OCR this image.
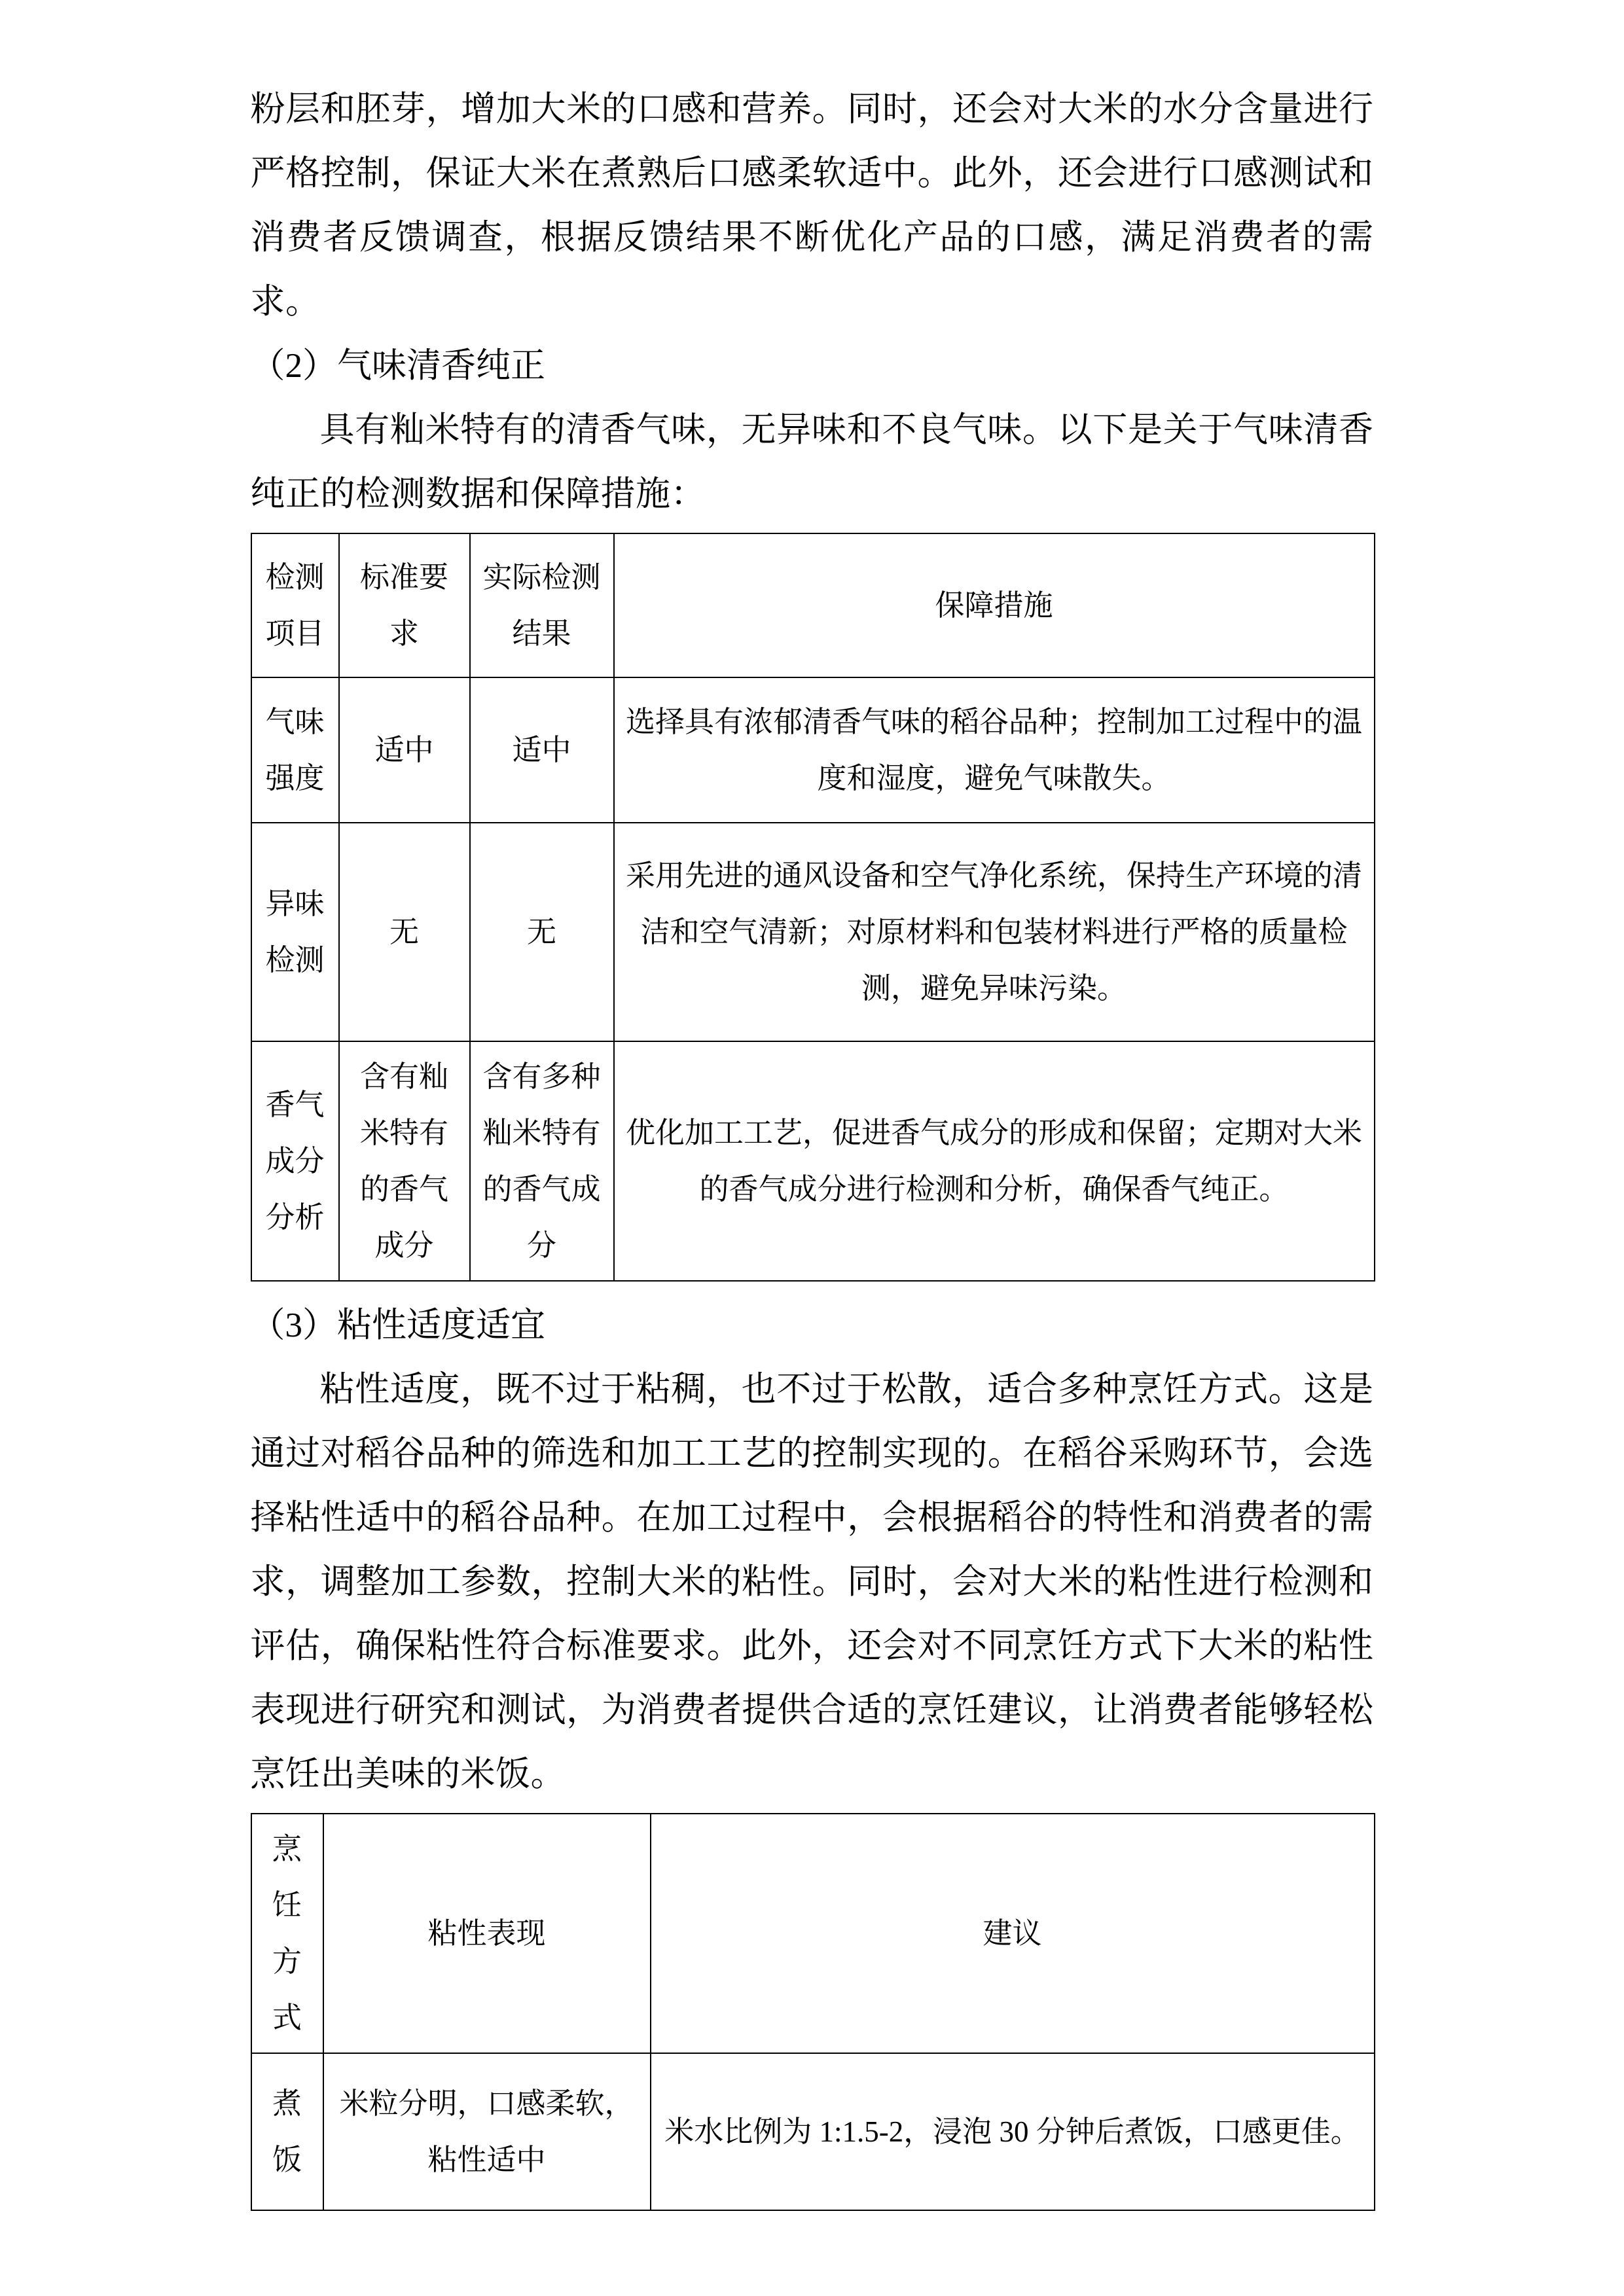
粉层和胚芽，增加大米的口感和营养。同时，还会对大米的水分含量进行严格控制，保证大米在煮熟后口感柔软适中。此外，还会进行口感测试和消费者反馈调查，根据反馈结果不断优化产品的口感，满足消费者的需求。

（2）气味清香纯正

具有籼米特有的清香气味，无异味和不良气味。以下是关于气味清香纯正的检测数据和保障措施：

检测项目	标准要求	实际检测结果	保障措施
气味强度	适中	适中	选择具有浓郁清香气味的稻谷品种；控制加工过程中的温度和湿度，避免气味散失。
异味检测	无	无	采用先进的通风设备和空气净化系统，保持生产环境的清洁和空气清新；对原材料和包装材料进行严格的质量检测，避免异味污染。
香气成分分析	含有籼米特有的香气成分	含有多种籼米特有的香气成分	优化加工工艺，促进香气成分的形成和保留；定期对大米的香气成分进行检测和分析，确保香气纯正。

（3）粘性适度适宜

粘性适度，既不过于粘稠，也不过于松散，适合多种烹饪方式。这是通过对稻谷品种的筛选和加工工艺的控制实现的。在稻谷采购环节，会选择粘性适中的稻谷品种。在加工过程中，会根据稻谷的特性和消费者的需求，调整加工参数，控制大米的粘性。同时，会对大米的粘性进行检测和评估，确保粘性符合标准要求。此外，还会对不同烹饪方式下大米的粘性表现进行研究和测试，为消费者提供合适的烹饪建议，让消费者能够轻松烹饪出美味的米饭。

烹饪方式	粘性表现	建议
煮饭	米粒分明，口感柔软，粘性适中	米水比例为 1:1.5-2，浸泡 30 分钟后煮饭，口感更佳。
